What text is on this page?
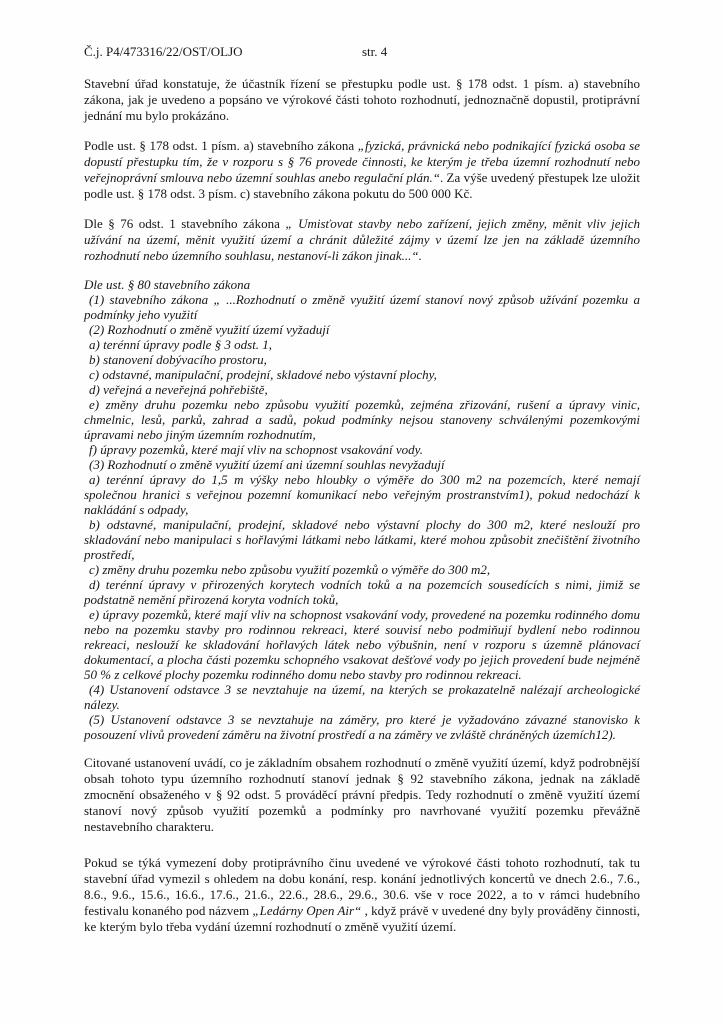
Č.j. P4/473316/22/OST/OLJO	str. 4

Stavební úřad konstatuje, že účastník řízení se přestupku podle ust. § 178 odst. 1 písm. a) stavebního zákona, jak je uvedeno a popsáno ve výrokové části tohoto rozhodnutí, jednoznačně dopustil, protiprávní jednání mu bylo prokázáno.

Podle ust. § 178 odst. 1 písm. a) stavebního zákona „fyzická, právnická nebo podnikající fyzická osoba se dopustí přestupku tím, že v rozporu s § 76 provede činnosti, ke kterým je třeba územní rozhodnutí nebo veřejnoprávní smlouva nebo územní souhlas anebo regulační plán.“. Za výše uvedený přestupek lze uložit podle ust. § 178 odst. 3 písm. c) stavebního zákona pokutu do 500 000 Kč.

Dle § 76 odst. 1 stavebního zákona „ Umisťovat stavby nebo zařízení, jejich změny, měnit vliv jejich užívání na území, měnit využití území a chránit důležité zájmy v území lze jen na základě územního rozhodnutí nebo územního souhlasu, nestanoví-li zákon jinak...“.

Dle ust. § 80 stavebního zákona

(1) stavebního zákona „ ...Rozhodnutí o změně využití území stanoví nový způsob užívání pozemku a podmínky jeho využití

(2) Rozhodnutí o změně využití území vyžadují

a) terénní úpravy podle § 3 odst. 1,

b) stanovení dobývacího prostoru,

c) odstavné, manipulační, prodejní, skladové nebo výstavní plochy,

d) veřejná a neveřejná pohřebiště,

e) změny druhu pozemku nebo způsobu využití pozemků, zejména zřizování, rušení a úpravy vinic, chmelnic, lesů, parků, zahrad a sadů, pokud podmínky nejsou stanoveny schválenými pozemkovými úpravami nebo jiným územním rozhodnutím,

f) úpravy pozemků, které mají vliv na schopnost vsakování vody.

(3) Rozhodnutí o změně využití území ani územní souhlas nevyžadují

a) terénní úpravy do 1,5 m výšky nebo hloubky o výměře do 300 m2 na pozemcích, které nemají společnou hranici s veřejnou pozemní komunikací nebo veřejným prostranstvím1), pokud nedochází k nakládání s odpady,

b) odstavné, manipulační, prodejní, skladové nebo výstavní plochy do 300 m2, které neslouží pro skladování nebo manipulaci s hořlavými látkami nebo látkami, které mohou způsobit znečištění životního prostředí,

c) změny druhu pozemku nebo způsobu využití pozemků o výměře do 300 m2,

d) terénní úpravy v přirozených korytech vodních toků a na pozemcích sousedících s nimi, jimiž se podstatně nemění přirozená koryta vodních toků,

e) úpravy pozemků, které mají vliv na schopnost vsakování vody, provedené na pozemku rodinného domu nebo na pozemku stavby pro rodinnou rekreaci, které souvisí nebo podmiňují bydlení nebo rodinnou rekreaci, neslouží ke skladování hořlavých látek nebo výbušnin, není v rozporu s územně plánovací dokumentací, a plocha části pozemku schopného vsakovat dešťové vody po jejich provedení bude nejméně 50 % z celkové plochy pozemku rodinného domu nebo stavby pro rodinnou rekreaci.

(4) Ustanovení odstavce 3 se nevztahuje na území, na kterých se prokazatelně nalézají archeologické nálezy.

(5) Ustanovení odstavce 3 se nevztahuje na záměry, pro které je vyžadováno závazné stanovisko k posouzení vlivů provedení záměru na životní prostředí a na záměry ve zvláště chráněných územích12).

Citované ustanovení uvádí, co je základním obsahem rozhodnutí o změně využití území, když podrobnější obsah tohoto typu územního rozhodnutí stanoví jednak § 92 stavebního zákona, jednak na základě zmocnění obsaženého v § 92 odst. 5 prováděcí právní předpis. Tedy rozhodnutí o změně využití území stanoví nový způsob využití pozemků a podmínky pro navrhované využití pozemku převážně nestavebního charakteru.

Pokud se týká vymezení doby protiprávního činu uvedené ve výrokové části tohoto rozhodnutí, tak tu stavební úřad vymezil s ohledem na dobu konání, resp. konání jednotlivých koncertů ve dnech 2.6., 7.6., 8.6., 9.6., 15.6., 16.6., 17.6., 21.6., 22.6., 28.6., 29.6., 30.6. vše v roce 2022, a to v rámci hudebního festivalu konaného pod názvem „Ledárny Open Air“ , když právě v uvedené dny byly prováděny činnosti, ke kterým bylo třeba vydání územní rozhodnutí o změně využití území.
